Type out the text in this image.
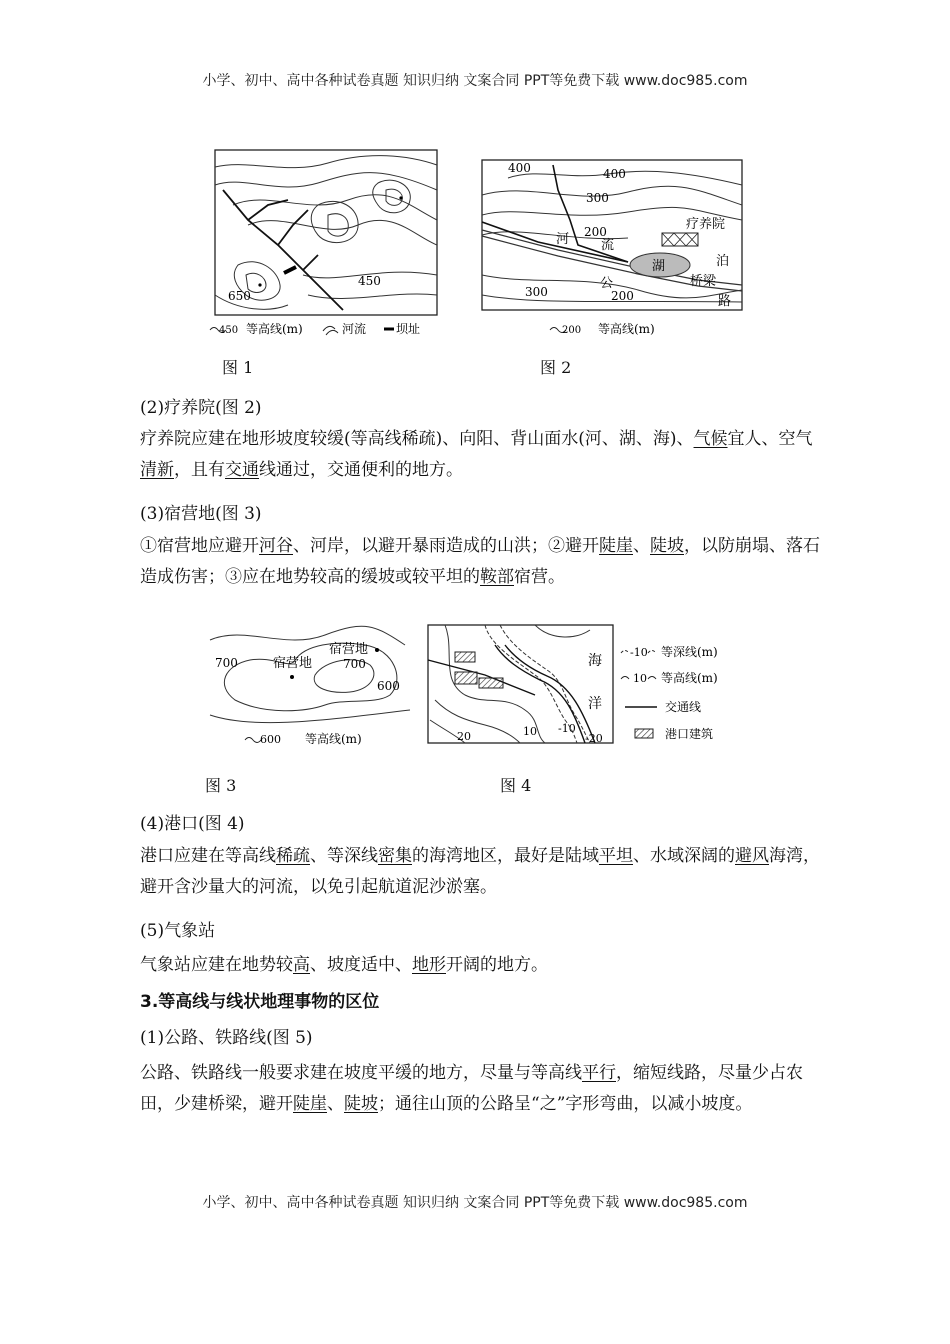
小学、初中、高中各种试卷真题 知识归纳 文案合同 PPT等免费下载 www.doc985.com
650
450
450 等高线(m)	河流 坝址
图 1
400	400
300
200
300	200
河 流
湖	泊
疗养院
桥梁
公
路
200 等高线(m)
图 2

(2)疗养院(图 2)

疗养院应建在地形坡度较缓(等高线稀疏)、向阳、背山面水(河、湖、海)、气候宜人、空气清新，且有交通线通过，交通便利的地方。

(3)宿营地(图 3)

①宿营地应避开河谷、河岸，以避开暴雨造成的山洪；②避开陡崖、陡坡，以防崩塌、落石造成伤害；③应在地势较高的缓坡或较平坦的鞍部宿营。

700	700
600
宿营地
宿营地
600 等高线(m)
图 3
海
洋
20	10 -10
-20
-10 等深线(m)
10 等高线(m)
交通线
港口建筑
图 4

(4)港口(图 4)

港口应建在等高线稀疏、等深线密集的海湾地区，最好是陆域平坦、水域深阔的避风海湾，避开含沙量大的河流，以免引起航道泥沙淤塞。

(5)气象站

气象站应建在地势较高、坡度适中、地形开阔的地方。

3.等高线与线状地理事物的区位

(1)公路、铁路线(图 5)

公路、铁路线一般要求建在坡度平缓的地方，尽量与等高线平行，缩短线路，尽量少占农田，少建桥梁，避开陡崖、陡坡；通往山顶的公路呈“之”字形弯曲，以减小坡度。

小学、初中、高中各种试卷真题 知识归纳 文案合同 PPT等免费下载 www.doc985.com
